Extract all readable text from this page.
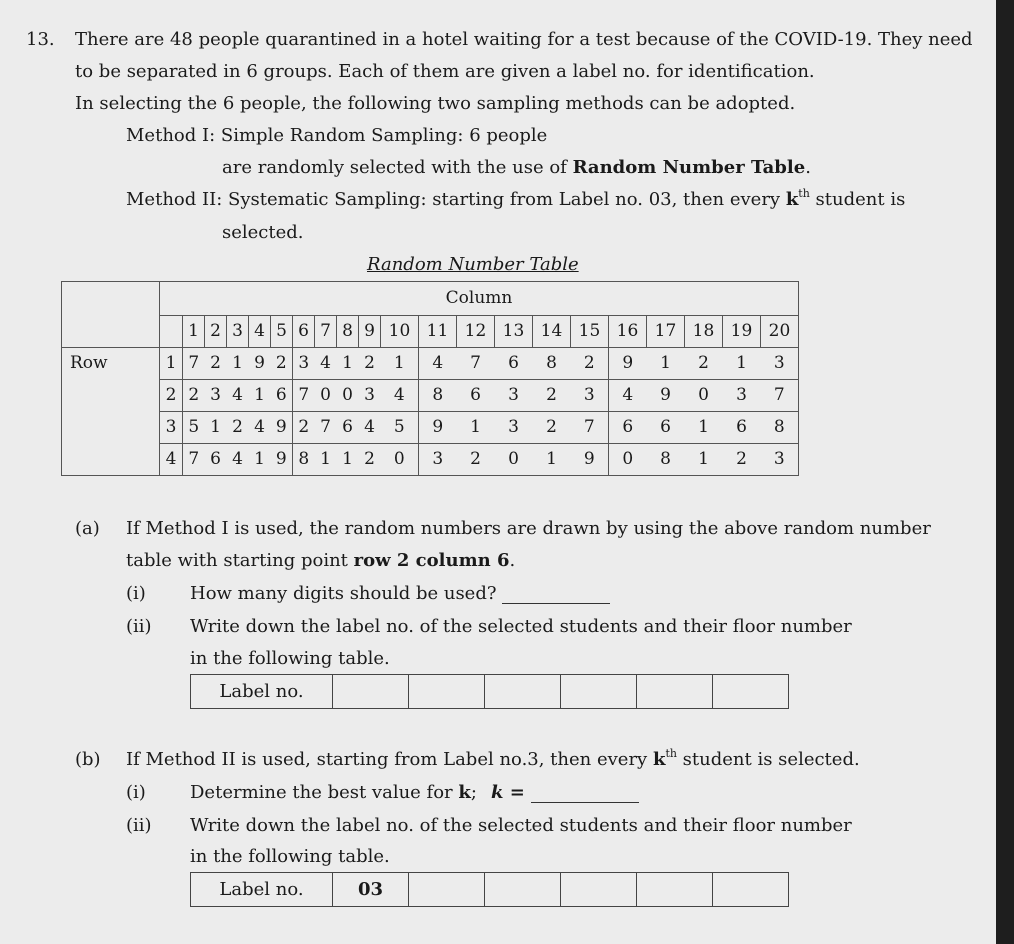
13. There are 48 people quarantined in a hotel waiting for a test because of the COVID-19. They need
to be separated in 6 groups. Each of them are given a label no. for identification.
In selecting the 6 people, the following two sampling methods can be adopted.
Method I: Simple Random Sampling: 6 people
are randomly selected with the use of Random Number Table.
Method II: Systematic Sampling: starting from Label no. 03, then every $k^{th}$ student is
selected.
Random Number Table
	Column																				
		1	2	3	4	5	6	7	8	9	10	11	12	13	14	15	16	17	18	19	20
Row	1	7	2	1	9	2	3	4	1	2	1	4	7	6	8	2	9	1	2	1	3
	2	2	3	4	1	6	7	0	0	3	4	8	6	3	2	3	4	9	0	3	7
	3	5	1	2	4	9	2	7	6	4	5	9	1	3	2	7	6	6	1	6	8
	4	7	6	4	1	9	8	1	1	2	0	3	2	0	1	9	0	8	1	2	3
(a) If Method I is used, the random numbers are drawn by using the above random number
table with starting point row 2 column 6.
(i) How many digits should be used?
(ii) Write down the label no. of the selected students and their floor number
in the following table.
Label no.						
(b) If Method II is used, starting from Label no.3, then every $k^{th}$ student is selected.
(i) Determine the best value for k; k =
(ii) Write down the label no. of the selected students and their floor number
in the following table.
Label no.	03					
